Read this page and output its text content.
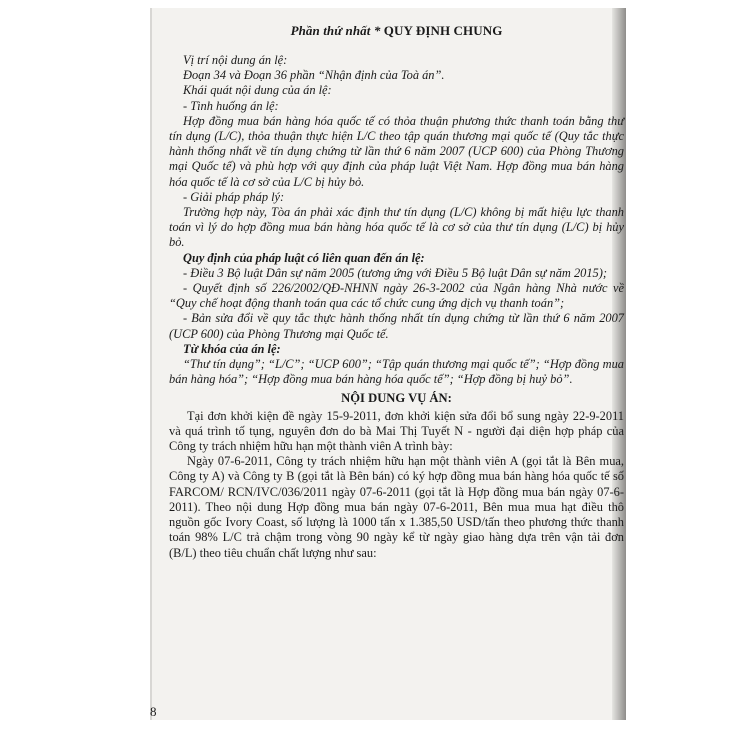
Phần thứ nhất * QUY ĐỊNH CHUNG

Vị trí nội dung án lệ:

Đoạn 34 và Đoạn 36 phần “Nhận định của Toà án”.

Khái quát nội dung của án lệ:

- Tình huống án lệ:

Hợp đồng mua bán hàng hóa quốc tế có thỏa thuận phương thức thanh toán bằng thư tín dụng (L/C), thỏa thuận thực hiện L/C theo tập quán thương mại quốc tế (Quy tắc thực hành thống nhất về tín dụng chứng từ lần thứ 6 năm 2007 (UCP 600) của Phòng Thương mại Quốc tế) và phù hợp với quy định của pháp luật Việt Nam. Hợp đồng mua bán hàng hóa quốc tế là cơ sở của L/C bị hủy bỏ.

- Giải pháp pháp lý:

Trường hợp này, Tòa án phải xác định thư tín dụng (L/C) không bị mất hiệu lực thanh toán vì lý do hợp đồng mua bán hàng hóa quốc tế là cơ sở của thư tín dụng (L/C) bị hủy bỏ.

Quy định của pháp luật có liên quan đến án lệ:

- Điều 3 Bộ luật Dân sự năm 2005 (tương ứng với Điều 5 Bộ luật Dân sự năm 2015);

- Quyết định số 226/2002/QĐ-NHNN ngày 26-3-2002 của Ngân hàng Nhà nước về “Quy chế hoạt động thanh toán qua các tổ chức cung ứng dịch vụ thanh toán”;

- Bản sửa đổi về quy tắc thực hành thống nhất tín dụng chứng từ lần thứ 6 năm 2007 (UCP 600) của Phòng Thương mại Quốc tế.

Từ khóa của án lệ:

“Thư tín dụng”; “L/C”; “UCP 600”; “Tập quán thương mại quốc tế”; “Hợp đồng mua bán hàng hóa”; “Hợp đồng mua bán hàng hóa quốc tế”; “Hợp đồng bị huỷ bỏ”.

NỘI DUNG VỤ ÁN:

Tại đơn khởi kiện đề ngày 15-9-2011, đơn khởi kiện sửa đổi bổ sung ngày 22-9-2011 và quá trình tố tụng, nguyên đơn do bà Mai Thị Tuyết N - người đại diện hợp pháp của Công ty trách nhiệm hữu hạn một thành viên A trình bày:

Ngày 07-6-2011, Công ty trách nhiệm hữu hạn một thành viên A (gọi tắt là Bên mua, Công ty A) và Công ty B (gọi tắt là Bên bán) có ký hợp đồng mua bán hàng hóa quốc tế số FARCOM/ RCN/IVC/036/2011 ngày 07-6-2011 (gọi tắt là Hợp đồng mua bán ngày 07-6-2011). Theo nội dung Hợp đồng mua bán ngày 07-6-2011, Bên mua mua hạt điều thô nguồn gốc Ivory Coast, số lượng là 1000 tấn x 1.385,50 USD/tấn theo phương thức thanh toán 98% L/C trả chậm trong vòng 90 ngày kể từ ngày giao hàng dựa trên vận tải đơn (B/L) theo tiêu chuẩn chất lượng như sau:

8
